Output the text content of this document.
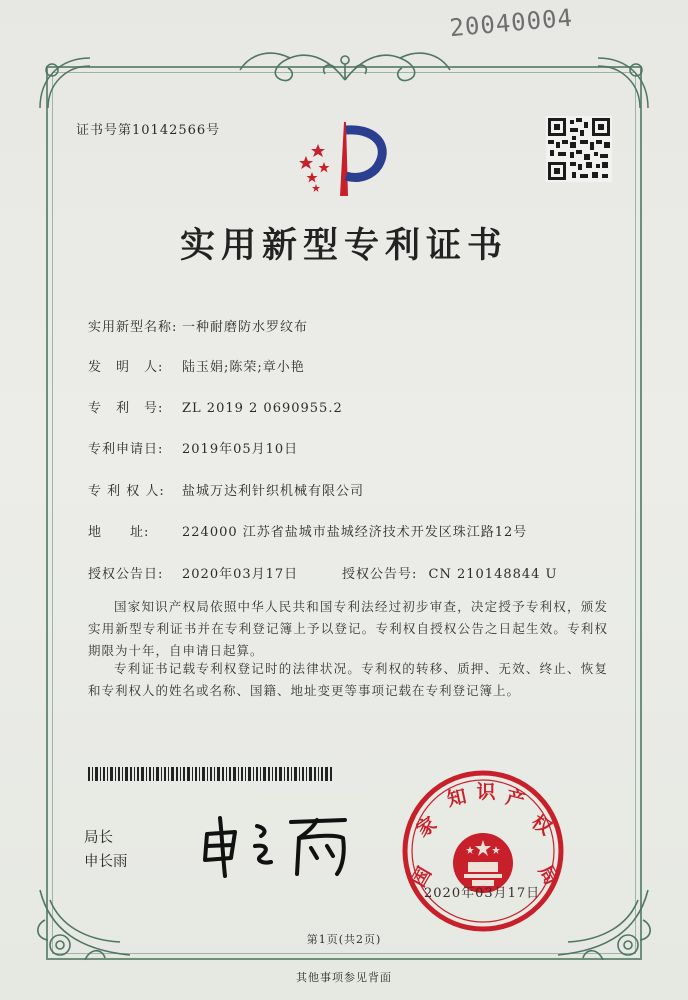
20040004
证书号第10142566号
实用新型专利证书
实用新型名称: 一种耐磨防水罗纹布
发　明　人: 陆玉娟;陈荣;章小艳
专　利　号: ZL 2019 2 0690955.2
专利申请日: 2019年05月10日
专 利 权 人: 盐城万达利针织机械有限公司
地　　址:	224000 江苏省盐城市盐城经济技术开发区珠江路12号
授权公告日: 2020年03月17日	授权公告号: CN 210148844 U
国家知识产权局依照中华人民共和国专利法经过初步审查，决定授予专利权，颁发实用新型专利证书并在专利登记簿上予以登记。专利权自授权公告之日起生效。专利权期限为十年，自申请日起算。
专利证书记载专利权登记时的法律状况。专利权的转移、质押、无效、终止、恢复和专利权人的姓名或名称、国籍、地址变更等事项记载在专利登记簿上。
局长
申长雨
国
家
知 识 产
权
局
2020年03月17日
第1页(共2页)
其他事项参见背面
